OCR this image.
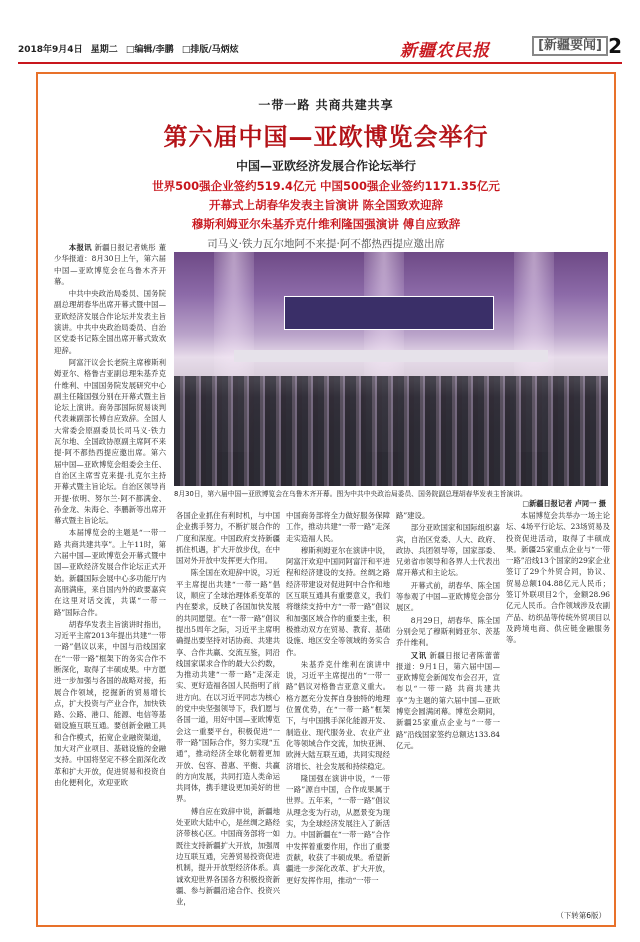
2018年9月4日 星期二 □编辑/李鹏 □排版/马炳炫	新疆农民报	[新疆要闻] 2
一带一路 共商共建共享
第六届中国—亚欧博览会举行
中国—亚欧经济发展合作论坛举行
世界500强企业签约519.4亿元 中国500强企业签约1171.35亿元
开幕式上胡春华发表主旨演讲 陈全国致欢迎辞
穆斯利姆亚尔朱基乔克什维利隆国强演讲 傅自应致辞
司马义·铁力瓦尔地阿不来提·阿不都热西提应邀出席

本报讯 新疆日报记者姚彤 董少华报道：8月30日上午，第六届中国—亚欧博览会在乌鲁木齐开幕。

中共中央政治局委员、国务院副总理胡春华出席开幕式暨中国—亚欧经济发展合作论坛并发表主旨演讲。中共中央政治局委员、自治区党委书记陈全国出席开幕式致欢迎辞。

阿富汗议会长老院主席穆斯利姆亚尔、格鲁吉亚副总理朱基乔克什维利、中国国务院发展研究中心副主任隆国强分别在开幕式暨主旨论坛上演讲。商务部国际贸易谈判代表兼副部长傅自应致辞。全国人大常委会原副委员长司马义·铁力瓦尔地、全国政协原副主席阿不来提·阿不都热西提应邀出席。第六届中国—亚欧博览会组委会主任、自治区主席雪克来提·扎克尔主持开幕式暨主旨论坛。自治区领导肖开提·依明、努尔兰·阿不都满金、孙金龙、朱海仑、李鹏新等出席开幕式暨主旨论坛。

本届博览会的主题是“一带一路 共商共建共享”。上午11时，第六届中国—亚欧博览会开幕式暨中国—亚欧经济发展合作论坛正式开始。新疆国际会展中心多功能厅内高朋满座，来自国内外的政要嘉宾在这里对话交流，共谋“一带一路”国际合作。

胡春华发表主旨演讲时指出，习近平主席2013年提出共建“一带一路”倡议以来，中国与沿线国家在“一带一路”框架下的务实合作不断深化，取得了丰硕成果。中方愿进一步加强与各国的战略对接，拓展合作领域，挖掘新的贸易增长点，扩大投资与产业合作，加快铁路、公路、港口、能源、电信等基础设施互联互通。要创新金融工具和合作模式，拓宽企业融资渠道，加大对产业项目、基础设施的金融支持。中国将坚定不移全面深化改革和扩大开放，促进贸易和投资自由化便利化，欢迎亚欧

8月30日，第六届中国—亚欧博览会在乌鲁木齐开幕。图为中共中央政治局委员、国务院副总理胡春华发表主旨演讲。
□新疆日报记者 卢同一 摄

各国企业抓住有利时机，与中国企业携手努力，不断扩展合作的广度和深度。中国政府支持新疆抓住机遇，扩大开放步伐，在中国对外开放中发挥更大作用。

陈全国在欢迎辞中说，习近平主席提出共建“一带一路”倡议，顺应了全球治理体系变革的内在要求，反映了各国加快发展的共同愿望。在“一带一路”倡议提出5周年之际，习近平主席明确提出要坚持对话协商、共建共享、合作共赢、交流互鉴，同沿线国家谋求合作的最大公约数，为推动共建“一带一路”走深走实、更好造福各国人民指明了前进方向。在以习近平同志为核心的党中央坚强领导下，我们愿与各国一道，用好中国—亚欧博览会这一重要平台，积极促进“一带一路”国际合作，努力实现“五通”，推动经济全球化朝着更加开放、包容、普惠、平衡、共赢的方向发展，共同打造人类命运共同体，携手建设更加美好的世界。

傅自应在致辞中说，新疆地处亚欧大陆中心，是丝绸之路经济带核心区。中国商务部将一如既往支持新疆扩大开放，加强周边互联互通，完善贸易投资促进机制，提升开放型经济体系。真诚欢迎世界各国各方积极投资新疆、参与新疆沿途合作、投资兴业，

中国商务部将全力做好服务保障工作，推动共建“一带一路”走深走实造福人民。

穆斯利姆亚尔在演讲中说，阿富汗欢迎中国同阿富汗和平进程和经济建设的支持。丝绸之路经济带建设对促进阿中合作和地区互联互通具有重要意义，我们将继续支持中方“一带一路”倡议和加强区域合作的重要主张，积极推动双方在贸易、教育、基础设施、地区安全等领域的务实合作。

朱基乔克什维利在演讲中说，习近平主席提出的“一带一路”倡议对格鲁吉亚意义重大。格方愿充分发挥自身独特的地理位置优势，在“一带一路”框架下，与中国携手深化能源开发、制造业、现代服务业、农业产业化等领域合作交流，加快亚洲、欧洲大陆互联互通，共同实现经济增长、社会发展和持续稳定。

隆国强在演讲中说，“一带一路”源自中国，合作成果属于世界。五年来，“一带一路”倡议从理念变为行动，从愿景变为现实，为全球经济发展注入了新活力。中国新疆在“一带一路”合作中发挥着重要作用，作出了重要贡献，收获了丰硕成果。希望新疆进一步深化改革、扩大开放，更好发挥作用，推动“一带一

路”建设。

部分亚欧国家和国际组织嘉宾，自治区党委、人大、政府、政协、兵团领导等，国家部委、兄弟省市领导和各界人士代表出席开幕式和主论坛。

开幕式前，胡春华、陈全国等参观了中国—亚欧博览会部分展区。

8月29日，胡春华、陈全国分别会见了穆斯利姆亚尔、茨基乔什维利。

又讯 新疆日报记者陈蕾蕾报道：9月1日，第六届中国—亚欧博览会新闻发布会召开，宣布以“一带一路 共商共建共享”为主题的第六届中国—亚欧博览会圆满闭幕。博览会期间，新疆25家重点企业与“一带一路”沿线国家签约总额达133.84亿元。

本届博览会共举办一场主论坛、4场平行论坛、23场贸易及投资促进活动，取得了丰硕成果。新疆25家重点企业与“一带一路”沿线13个国家的29家企业签订了29个外贸合同，协议、贸易总额104.88亿元人民币；签订外联项目2个，金额28.96亿元人民币。合作领域涉及农副产品、纺织品等传统外贸项目以及跨境电商、供应链金融服务等。

（下转第6版）
